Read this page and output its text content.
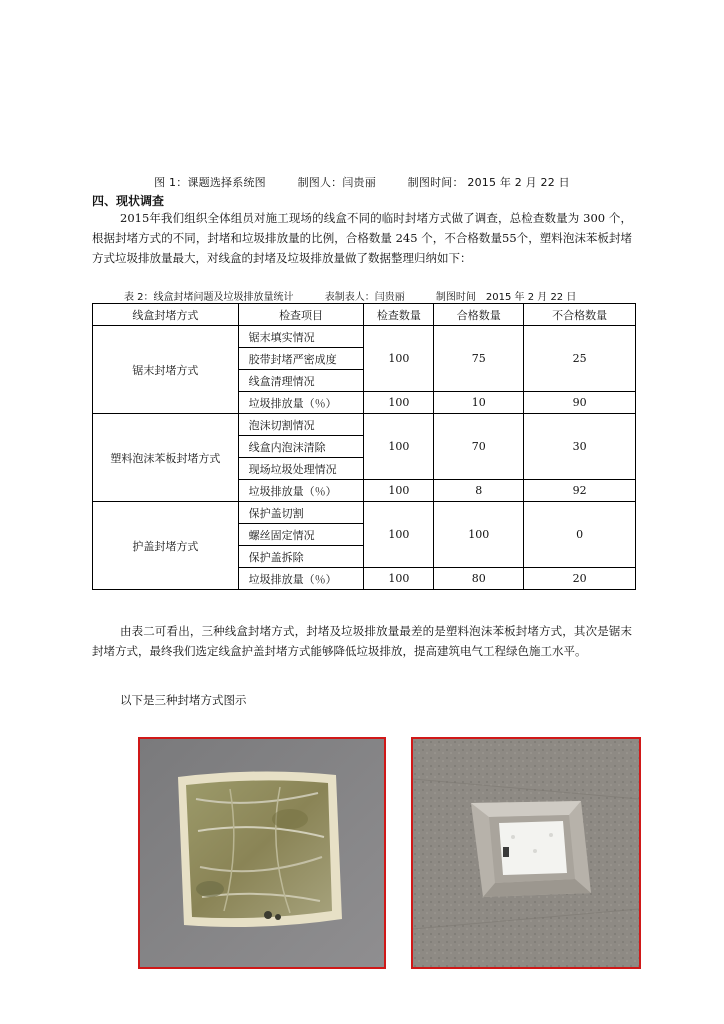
图 1：课题选择系统图	制图人：闫贵丽	制图时间： 2015 年 2 月 22 日
四、现状调查
2015年我们组织全体组员对施工现场的线盒不同的临时封堵方式做了调查，总检查数量为 300 个，根据封堵方式的不同，封堵和垃圾排放量的比例，合格数量 245 个，不合格数量55个，塑料泡沫苯板封堵方式垃圾排放量最大，对线盒的封堵及垃圾排放量做了数据整理归纳如下：
表 2：线盒封堵问题及垃圾排放量统计	表制表人：闫贵丽	制图时间　2015 年 2 月 22 日
线盒封堵方式	检查项目	检查数量	合格数量	不合格数量
锯末封堵方式	锯末填实情况	100	75	25
	胶带封堵严密成度			
	线盒清理情况			
	垃圾排放量（％）	100	10	90
塑料泡沫苯板封堵方式	泡沫切割情况	100	70	30
	线盒内泡沫清除			
	现场垃圾处理情况			
	垃圾排放量（％）	100	8	92
护盖封堵方式	保护盖切割	100	100	0
	螺丝固定情况			
	保护盖拆除			
	垃圾排放量（％）	100	80	20
由表二可看出，三种线盒封堵方式，封堵及垃圾排放量最差的是塑料泡沫苯板封堵方式，其次是锯末封堵方式，最终我们选定线盒护盖封堵方式能够降低垃圾排放，提高建筑电气工程绿色施工水平。
以下是三种封堵方式图示
